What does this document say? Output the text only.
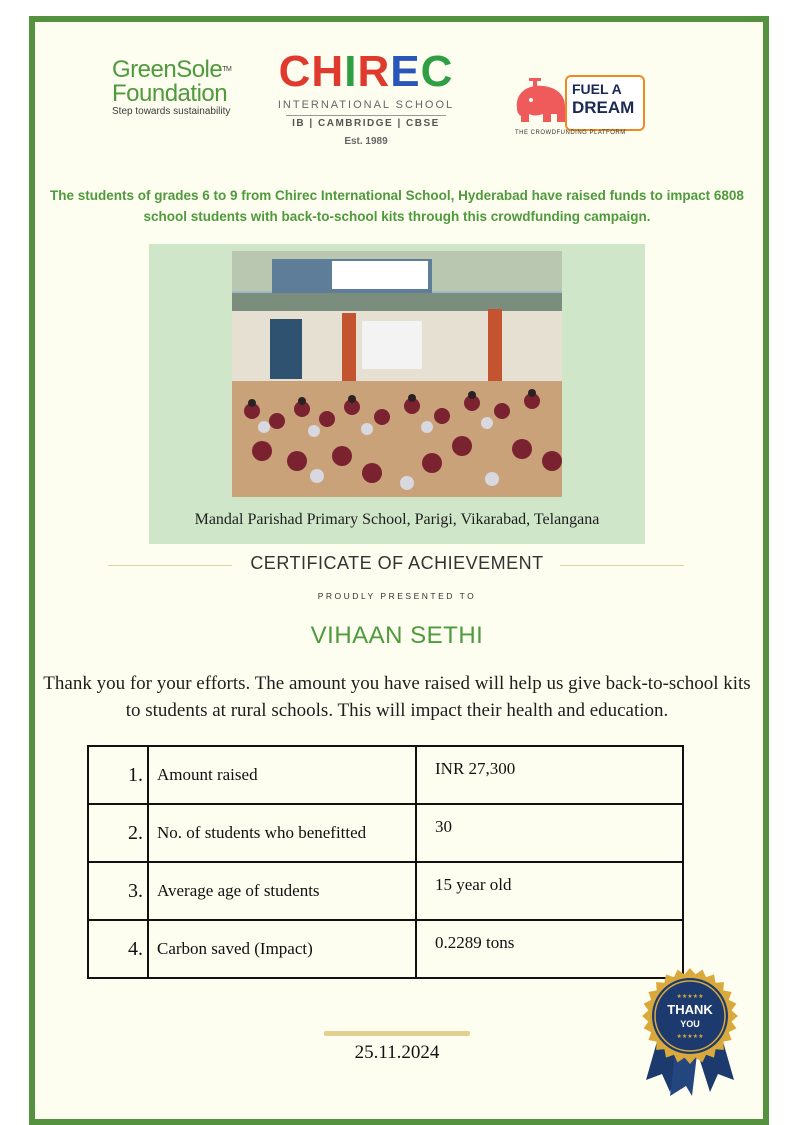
GreenSole™
Foundation
Step towards sustainability
CHIREC
INTERNATIONAL SCHOOL
IB | CAMBRIDGE | CBSE
Est. 1989
FUEL A
DREAM
THE CROWDFUNDING PLATFORM
The students of grades 6 to 9 from Chirec International School, Hyderabad have raised funds to impact 6808 school students with back-to-school kits through this crowdfunding campaign.
Mandal Parishad Primary School, Parigi, Vikarabad, Telangana
CERTIFICATE OF ACHIEVEMENT
PROUDLY PRESENTED TO
VIHAAN SETHI
Thank you for your efforts. The amount you have raised will help us give back-to-school kits to students at rural schools. This will impact their health and education.
1.	Amount raised	INR 27,300
2.	No. of students who benefitted	30
3.	Average age of students	15 year old
4.	Carbon saved (Impact)	0.2289 tons
25.11.2024
★★★★★
THANK
YOU
★★★★★
